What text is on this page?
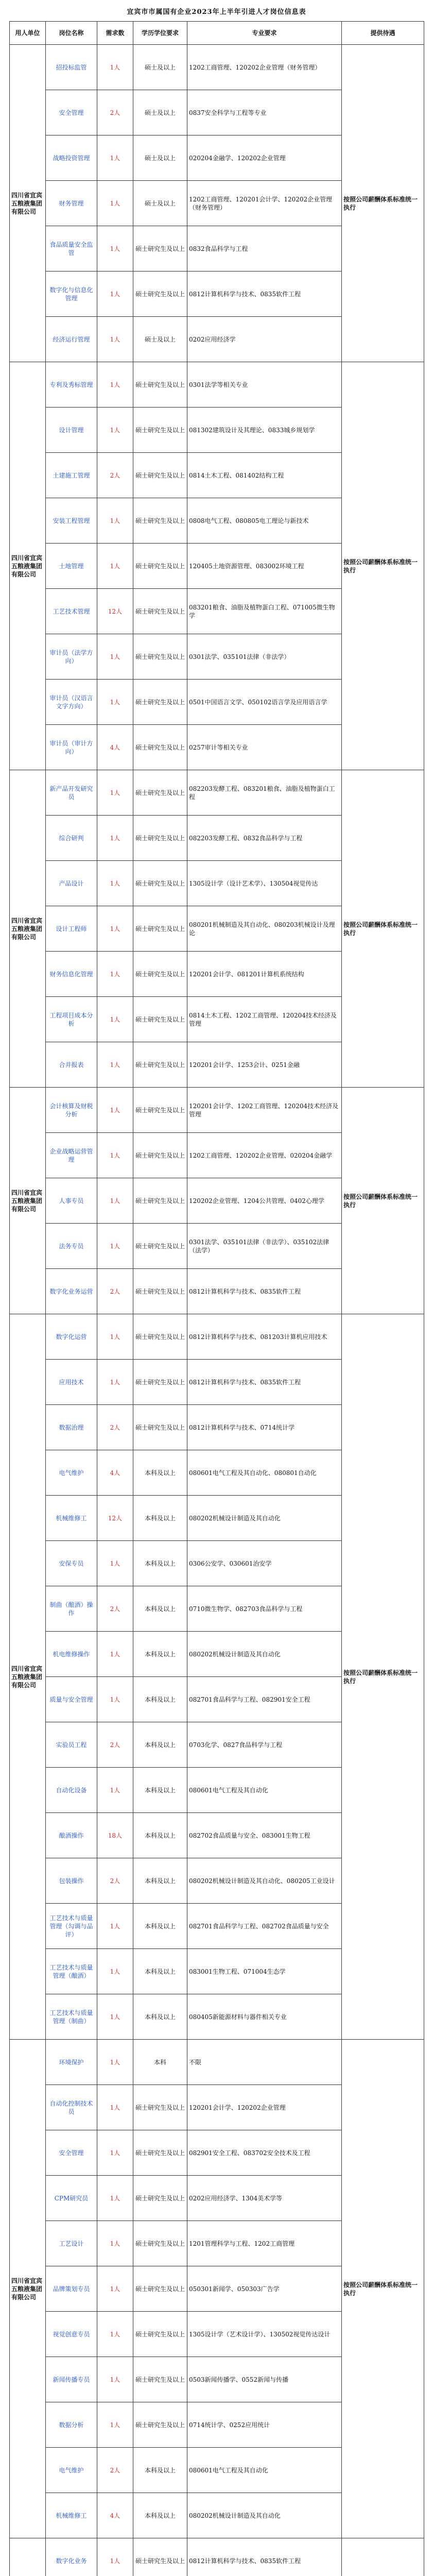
宜宾市市属国有企业2023年上半年引进人才岗位信息表
用人单位	岗位名称	需求数	学历学位要求	专业要求	提供待遇
四川省宜宾五粮液集团有限公司	招投标监管	1人	硕士及以上	1202工商管理、120202企业管理（财务管理）	按照公司薪酬体系标准统一执行
	安全管理	2人	硕士及以上	0837安全科学与工程等专业	
	战略投资管理	1人	硕士及以上	020204金融学、120202企业管理	
	财务管理	1人	硕士及以上	1202工商管理、120201会计学、120202企业管理（财务管理）	
	食品质量安全监管	1人	硕士研究生及以上	0832食品科学与工程	
	数字化与信息化管理	1人	硕士研究生及以上	0812计算机科学与技术、0835软件工程	
	经济运行管理	1人	硕士及以上	0202应用经济学	
四川省宜宾五粮液集团有限公司	专利及秀标管理	1人	硕士研究生及以上	0301法学等相关专业	按照公司薪酬体系标准统一执行
	设计管理	1人	硕士研究生及以上	081302建筑设计及其理论、0833城乡规划学	
	土建施工管理	2人	硕士研究生及以上	0814土木工程、081402结构工程	
	安装工程管理	1人	硕士研究生及以上	0808电气工程、080805电工理论与新技术	
	土地管理	1人	硕士研究生及以上	120405土地资源管理、083002环境工程	
	工艺技术管理	12人	硕士研究生及以上	083201粮食、油脂及植物蛋白工程、071005微生物学	
	审计员（法学方向）	1人	硕士研究生及以上	0301法学、035101法律（非法学）	
	审计员（汉语言文字方向）	1人	硕士研究生及以上	0501中国语言文学、050102语言学及应用语言学	
	审计员（审计方向）	4人	硕士研究生及以上	0257审计等相关专业	
四川省宜宾五粮液集团有限公司	新产品开发研究员	1人	硕士研究生及以上	082203发酵工程、083201粮食、油脂及植物蛋白工程	按照公司薪酬体系标准统一执行
	综合研判	1人	硕士研究生及以上	082203发酵工程、0832食品科学与工程	
	产品设计	1人	硕士研究生及以上	1305设计学（设计艺术学）、130504视觉传达	
	设计工程师	1人	硕士研究生及以上	080201机械制造及其自动化、080203机械设计及理论	
	财务信息化管理	1人	硕士研究生及以上	120201会计学、081201计算机系统结构	
	工程项目成本分析	1人	硕士研究生及以上	0814土木工程、1202工商管理、120204技术经济及管理	
	合并报表	1人	硕士研究生及以上	120201会计学、1253会计、0251金融	
四川省宜宾五粮液集团有限公司	会计核算及财税分析	1人	硕士研究生及以上	120201会计学、1202工商管理、120204技术经济及管理	按照公司薪酬体系标准统一执行
	企业战略运营管理	1人	硕士研究生及以上	1202工商管理、120202企业管理、020204金融学	
	人事专员	1人	硕士研究生及以上	120202企业管理、1204公共管理、0402心理学	
	法务专员	1人	硕士研究生及以上	0301法学、035101法律（非法学）、035102法律（法学）	
	数字化业务运营	2人	硕士研究生及以上	0812计算机科学与技术、0835软件工程	
四川省宜宾五粮液集团有限公司	数字化运营	1人	硕士研究生及以上	0812计算机科学与技术、081203计算机应用技术	按照公司薪酬体系标准统一执行
	应用技术	1人	硕士研究生及以上	0812计算机科学与技术、0835软件工程	
	数据治理	2人	硕士研究生及以上	0812计算机科学与技术、0714统计学	
	电气维护	4人	本科及以上	080601电气工程及其自动化、080801自动化	
	机械维修工	12人	本科及以上	080202机械设计制造及其自动化	
	安保专员	1人	本科及以上	0306公安学、030601治安学	
	制曲（酿酒）操作	2人	本科及以上	0710微生物学、082703食品科学与工程	
	机电维修操作	1人	本科及以上	080202机械设计制造及其自动化	
	质量与安全管理	1人	本科及以上	082701食品科学与工程、082901安全工程	
	实验员工程	2人	本科及以上	0703化学、0827食品科学与工程	
	自动化设备	1人	本科及以上	080601电气工程及其自动化	
	酿酒操作	18人	本科及以上	082702食品质量与安全、083001生物工程	
	包装操作	2人	本科及以上	080202机械设计制造及其自动化、080205工业设计	
	工艺技术与质量管理（勾调与品评）	1人	本科及以上	082701食品科学与工程、082702食品质量与安全	
	工艺技术与质量管理（酿酒）	1人	本科及以上	083001生物工程、071004生态学	
	工艺技术与质量管理（制曲）	1人	本科及以上	080405新能源材料与器件相关专业	
四川省宜宾五粮液集团有限公司	环境保护	1人	本科	不限	按照公司薪酬体系标准统一执行
	自动化控制技术员	1人	硕士研究生及以上	120201会计学、120202企业管理	
	安全管理	1人	硕士研究生及以上	082901安全工程、083702安全技术及工程	
	CPM研究员	1人	硕士研究生及以上	0202应用经济学、1304美术学等	
	工艺设计	1人	硕士研究生及以上	1201管理科学与工程、1202工商管理	
	品牌策划专员	1人	硕士研究生及以上	050301新闻学、050303广告学	
	视觉创意专员	1人	硕士研究生及以上	1305设计学（艺术设计学）、130502视觉传达设计	
	新闻传播专员	1人	硕士研究生及以上	0503新闻传播学、0552新闻与传播	
	数据分析	1人	硕士研究生及以上	0714统计学、0252应用统计	
	电气维护	2人	本科及以上	080601电气工程及其自动化	
	机械维修工	4人	本科及以上	080202机械设计制造及其自动化	
	数字化业务	1人	硕士研究生及以上	0812计算机科学与技术、0835软件工程	
